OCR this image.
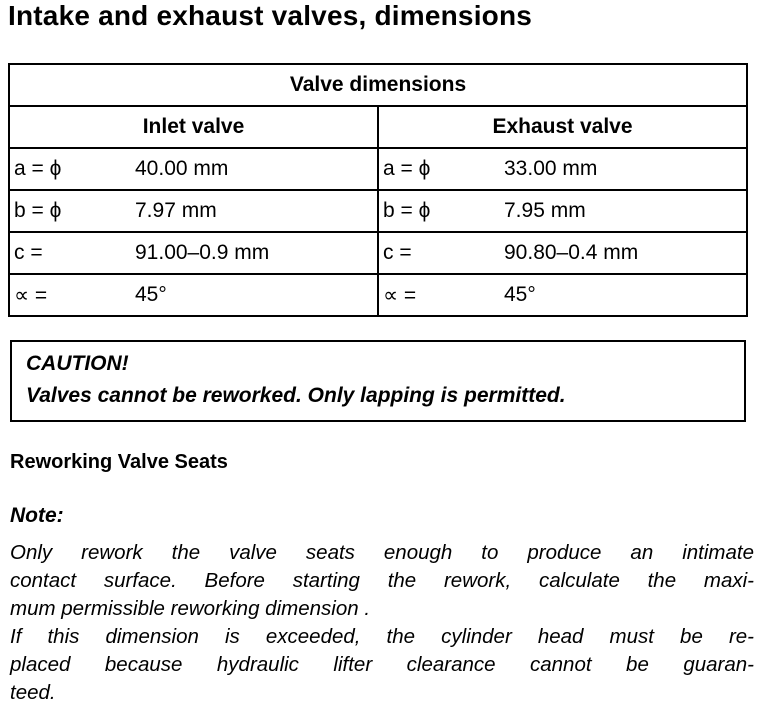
Intake and exhaust valves, dimensions
Valve dimensions	
Inlet valve	Exhaust valve

a = ϕ 40.00 mm	a = ϕ 33.00 mm

b = ϕ 7.97 mm	b = ϕ 7.95 mm

c = 91.00–0.9 mm	c = 90.80–0.4 mm

∝ = 45°	∝ = 45°
CAUTION!
Valves cannot be reworked. Only lapping is permitted.
Reworking Valve Seats
Note:
Only rework the valve seats enough to produce an intimate
contact surface. Before starting the rework, calculate the maxi-
mum permissible reworking dimension .
If this dimension is exceeded, the cylinder head must be re-
placed because hydraulic lifter clearance cannot be guaran-
teed.
